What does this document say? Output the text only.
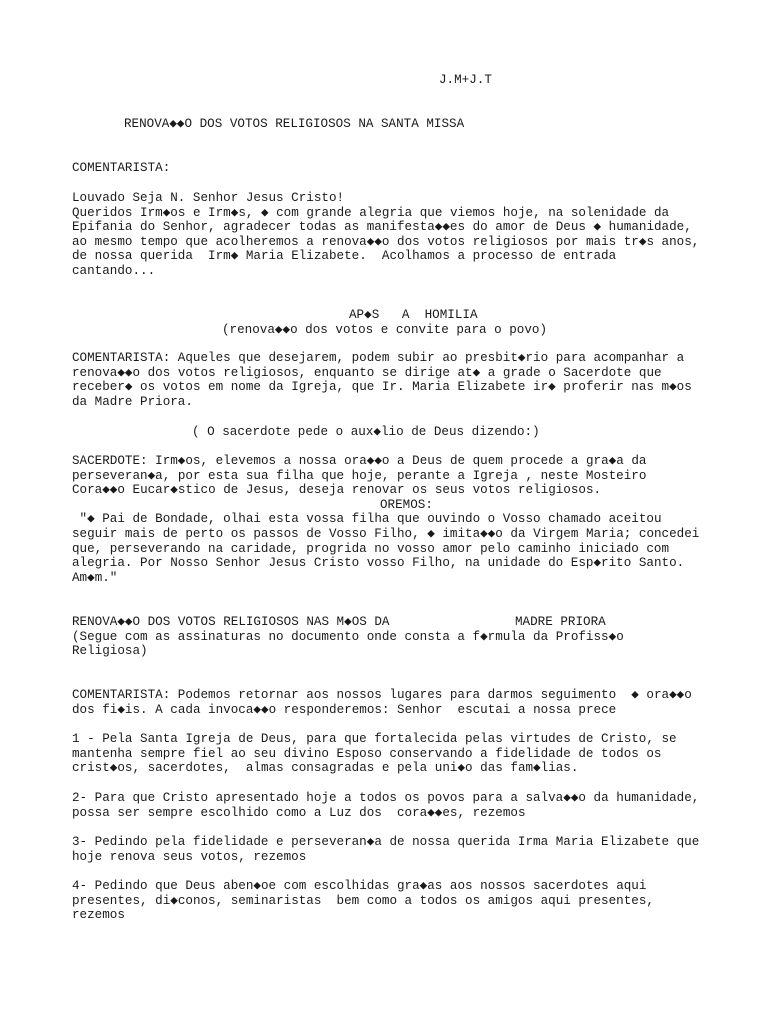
J.M+J.T
RENOVA◆◆O DOS VOTOS RELIGIOSOS NA SANTA MISSA
COMENTARISTA:
Louvado Seja N. Senhor Jesus Cristo!
Queridos Irm◆os e Irm◆s, ◆ com grande alegria que viemos hoje, na solenidade da
Epifania do Senhor, agradecer todas as manifesta◆◆es do amor de Deus ◆ humanidade,
ao mesmo tempo que acolheremos a renova◆◆o dos votos religiosos por mais tr◆s anos,
de nossa querida  Irm◆ Maria Elizabete.  Acolhamos a processo de entrada
cantando...
AP◆S   A  HOMILIA
(renova◆◆o dos votos e convite para o povo)
COMENTARISTA: Aqueles que desejarem, podem subir ao presbit◆rio para acompanhar a
renova◆◆o dos votos religiosos, enquanto se dirige at◆ a grade o Sacerdote que
receber◆ os votos em nome da Igreja, que Ir. Maria Elizabete ir◆ proferir nas m◆os
da Madre Priora.
( O sacerdote pede o aux◆lio de Deus dizendo:)
SACERDOTE: Irm◆os, elevemos a nossa ora◆◆o a Deus de quem procede a gra◆a da
perseveran◆a, por esta sua filha que hoje, perante a Igreja , neste Mosteiro
Cora◆◆o Eucar◆stico de Jesus, deseja renovar os seus votos religiosos.
OREMOS:
"◆ Pai de Bondade, olhai esta vossa filha que ouvindo o Vosso chamado aceitou
seguir mais de perto os passos de Vosso Filho, ◆ imita◆◆o da Virgem Maria; concedei
que, perseverando na caridade, progrida no vosso amor pelo caminho iniciado com
alegria. Por Nosso Senhor Jesus Cristo vosso Filho, na unidade do Esp◆rito Santo.
Am◆m."
RENOVA◆◆O DOS VOTOS RELIGIOSOS NAS M◆OS DA	MADRE PRIORA
(Segue com as assinaturas no documento onde consta a f◆rmula da Profiss◆o
Religiosa)
COMENTARISTA: Podemos retornar aos nossos lugares para darmos seguimento  ◆ ora◆◆o
dos fi◆is. A cada invoca◆◆o responderemos: Senhor  escutai a nossa prece
1 - Pela Santa Igreja de Deus, para que fortalecida pelas virtudes de Cristo, se
mantenha sempre fiel ao seu divino Esposo conservando a fidelidade de todos os
crist◆os, sacerdotes,  almas consagradas e pela uni◆o das fam◆lias.
2- Para que Cristo apresentado hoje a todos os povos para a salva◆◆o da humanidade,
possa ser sempre escolhido como a Luz dos  cora◆◆es, rezemos
3- Pedindo pela fidelidade e perseveran◆a de nossa querida Irma Maria Elizabete que
hoje renova seus votos, rezemos
4- Pedindo que Deus aben◆oe com escolhidas gra◆as aos nossos sacerdotes aqui
presentes, di◆conos, seminaristas  bem como a todos os amigos aqui presentes,
rezemos
